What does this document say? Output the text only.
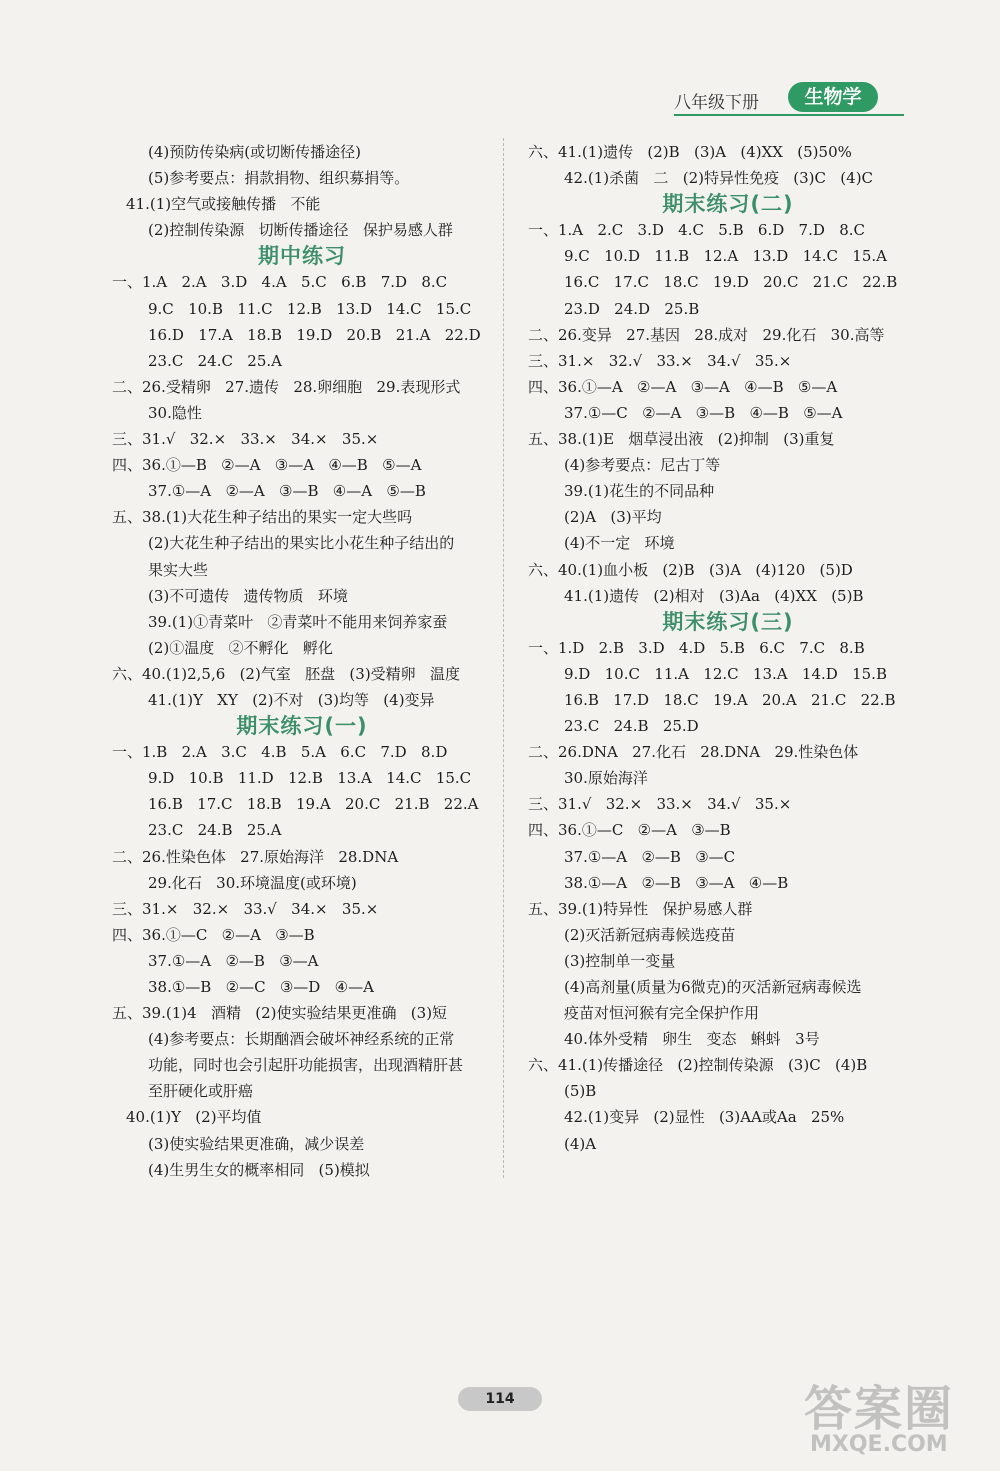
八年级下册	生物学
(4)预防传染病(或切断传播途径)
(5)参考要点：捐款捐物、组织募捐等。
41.(1)空气或接触传播   不能
(2)控制传染源   切断传播途径   保护易感人群
期中练习
一、1.A   2.A   3.D   4.A   5.C   6.B   7.D   8.C
9.C   10.B   11.C   12.B   13.D   14.C   15.C
16.D   17.A   18.B   19.D   20.B   21.A   22.D
23.C   24.C   25.A
二、26.受精卵   27.遗传   28.卵细胞   29.表现形式
30.隐性
三、31.√   32.×   33.×   34.×   35.×
四、36.①—B   ②—A   ③—A   ④—B   ⑤—A
37.①—A   ②—A   ③—B   ④—A   ⑤—B
五、38.(1)大花生种子结出的果实一定大些吗
(2)大花生种子结出的果实比小花生种子结出的
果实大些
(3)不可遗传   遗传物质   环境
39.(1)①青菜叶   ②青菜叶不能用来饲养家蚕
(2)①温度   ②不孵化   孵化
六、40.(1)2,5,6   (2)气室   胚盘   (3)受精卵   温度
41.(1)Y   XY   (2)不对   (3)均等   (4)变异
期末练习(一)
一、1.B   2.A   3.C   4.B   5.A   6.C   7.D   8.D
9.D   10.B   11.D   12.B   13.A   14.C   15.C
16.B   17.C   18.B   19.A   20.C   21.B   22.A
23.C   24.B   25.A
二、26.性染色体   27.原始海洋   28.DNA
29.化石   30.环境温度(或环境)
三、31.×   32.×   33.√   34.×   35.×
四、36.①—C   ②—A   ③—B
37.①—A   ②—B   ③—A
38.①—B   ②—C   ③—D   ④—A
五、39.(1)4   酒精   (2)使实验结果更准确   (3)短
(4)参考要点：长期酗酒会破坏神经系统的正常
功能，同时也会引起肝功能损害，出现酒精肝甚
至肝硬化或肝癌
40.(1)Y   (2)平均值
(3)使实验结果更准确，减少误差
(4)生男生女的概率相同   (5)模拟
六、41.(1)遗传   (2)B   (3)A   (4)XX   (5)50%
42.(1)杀菌   二   (2)特异性免疫   (3)C   (4)C
期末练习(二)
一、1.A   2.C   3.D   4.C   5.B   6.D   7.D   8.C
9.C   10.D   11.B   12.A   13.D   14.C   15.A
16.C   17.C   18.C   19.D   20.C   21.C   22.B
23.D   24.D   25.B
二、26.变异   27.基因   28.成对   29.化石   30.高等
三、31.×   32.√   33.×   34.√   35.×
四、36.①—A   ②—A   ③—A   ④—B   ⑤—A
37.①—C   ②—A   ③—B   ④—B   ⑤—A
五、38.(1)E   烟草浸出液   (2)抑制   (3)重复
(4)参考要点：尼古丁等
39.(1)花生的不同品种
(2)A   (3)平均
(4)不一定   环境
六、40.(1)血小板   (2)B   (3)A   (4)120   (5)D
41.(1)遗传   (2)相对   (3)Aa   (4)XX   (5)B
期末练习(三)
一、1.D   2.B   3.D   4.D   5.B   6.C   7.C   8.B
9.D   10.C   11.A   12.C   13.A   14.D   15.B
16.B   17.D   18.C   19.A   20.A   21.C   22.B
23.C   24.B   25.D
二、26.DNA   27.化石   28.DNA   29.性染色体
30.原始海洋
三、31.√   32.×   33.×   34.√   35.×
四、36.①—C   ②—A   ③—B
37.①—A   ②—B   ③—C
38.①—A   ②—B   ③—A   ④—B
五、39.(1)特异性   保护易感人群
(2)灭活新冠病毒候选疫苗
(3)控制单一变量
(4)高剂量(质量为6微克)的灭活新冠病毒候选
疫苗对恒河猴有完全保护作用
40.体外受精   卵生   变态   蝌蚪   3号
六、41.(1)传播途径   (2)控制传染源   (3)C   (4)B
(5)B
42.(1)变异   (2)显性   (3)AA或Aa   25%
(4)A
114	答案圈
MXQE.COM
